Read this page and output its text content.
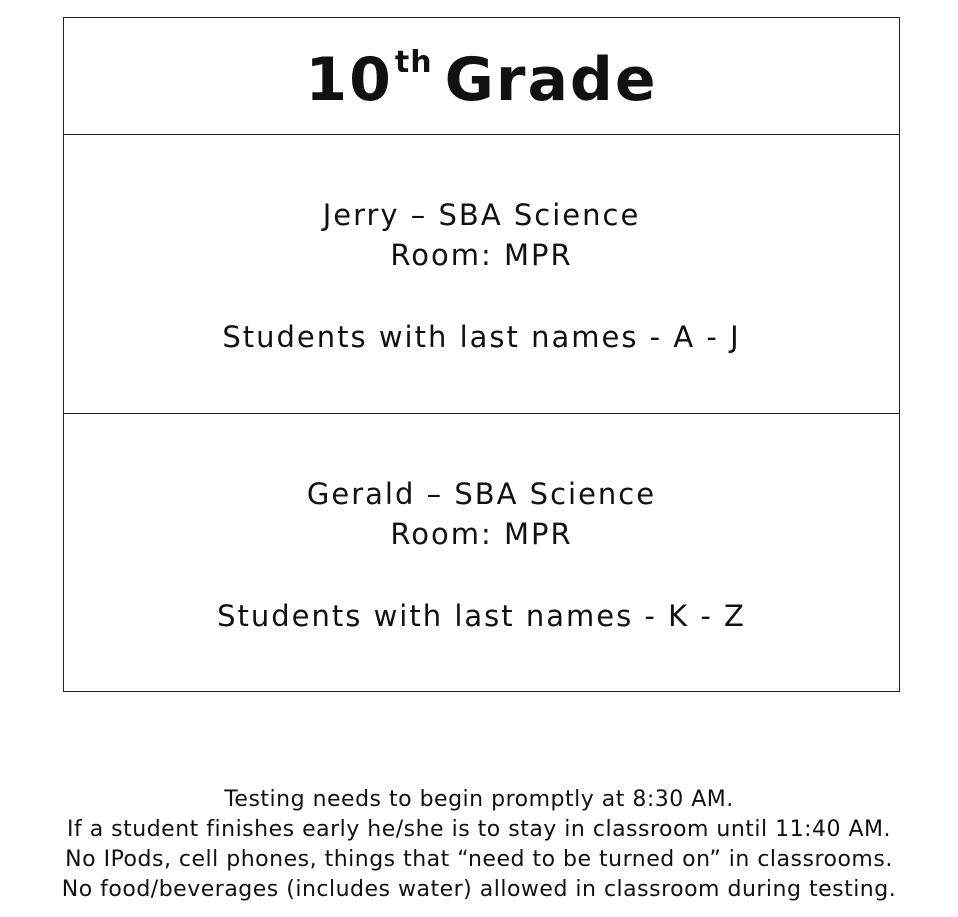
10th Grade
Jerry – SBA Science
Room: MPR
Students with last names - A - J
Gerald – SBA Science
Room: MPR
Students with last names - K - Z
Testing needs to begin promptly at 8:30 AM.
If a student finishes early he/she is to stay in classroom until 11:40 AM.
No IPods, cell phones, things that “need to be turned on” in classrooms.
No food/beverages (includes water) allowed in classroom during testing.
